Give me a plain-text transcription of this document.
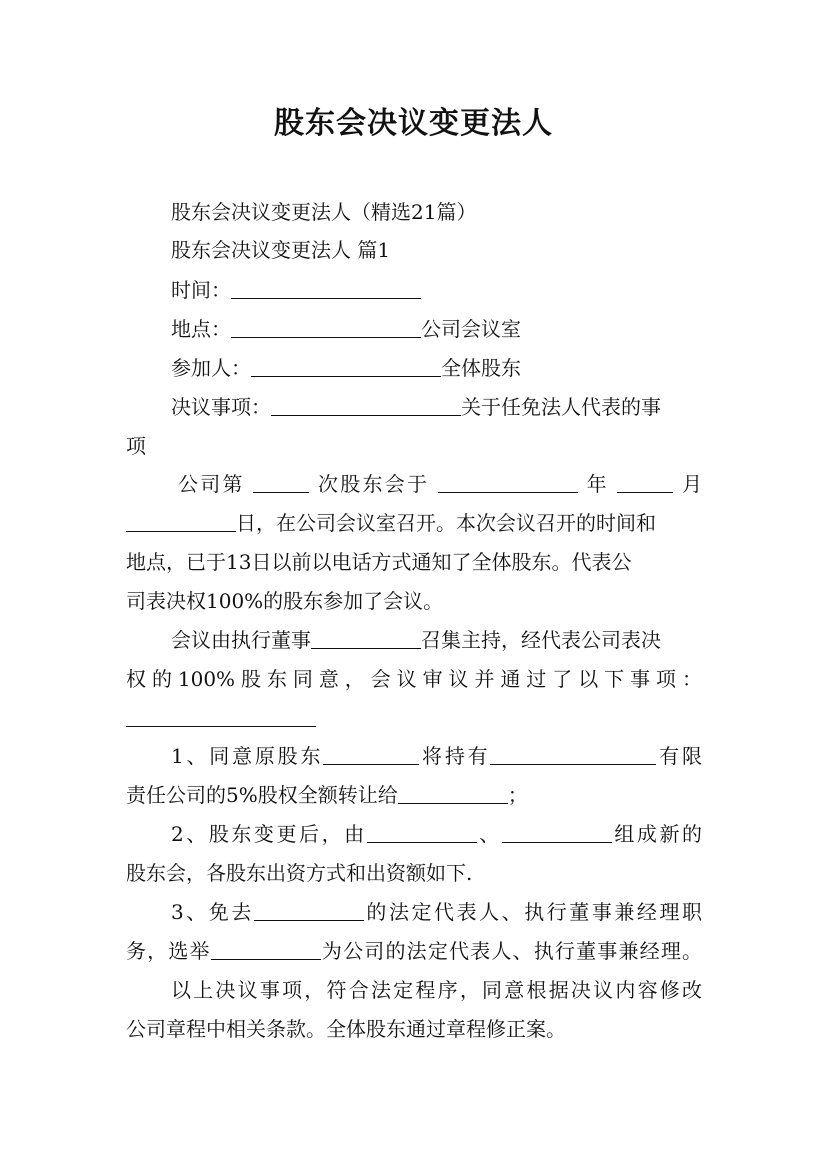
股东会决议变更法人
股东会决议变更法人（精选21篇）
股东会决议变更法人 篇1
时间：
地点：	公司会议室
参加人：	全体股东
决议事项：	关于任免法人代表的事
项
公司第	次股东会于	年	月
日，在公司会议室召开。本次会议召开的时间和
地点，已于13日以前以电话方式通知了全体股东。代表公
司表决权100%的股东参加了会议。
会议由执行董事	召集主持，经代表公司表决
权的100%股东同意，会议审议并通过了以下事项：
1、同意原股东	将持有	有限
责任公司的5%股权全额转让给	；
2、股东变更后，由	、	组成新的
股东会，各股东出资方式和出资额如下.
3、免去	的法定代表人、执行董事兼经理职
务，选举	为公司的法定代表人、执行董事兼经理。
以上决议事项，符合法定程序，同意根据决议内容修改
公司章程中相关条款。全体股东通过章程修正案。
